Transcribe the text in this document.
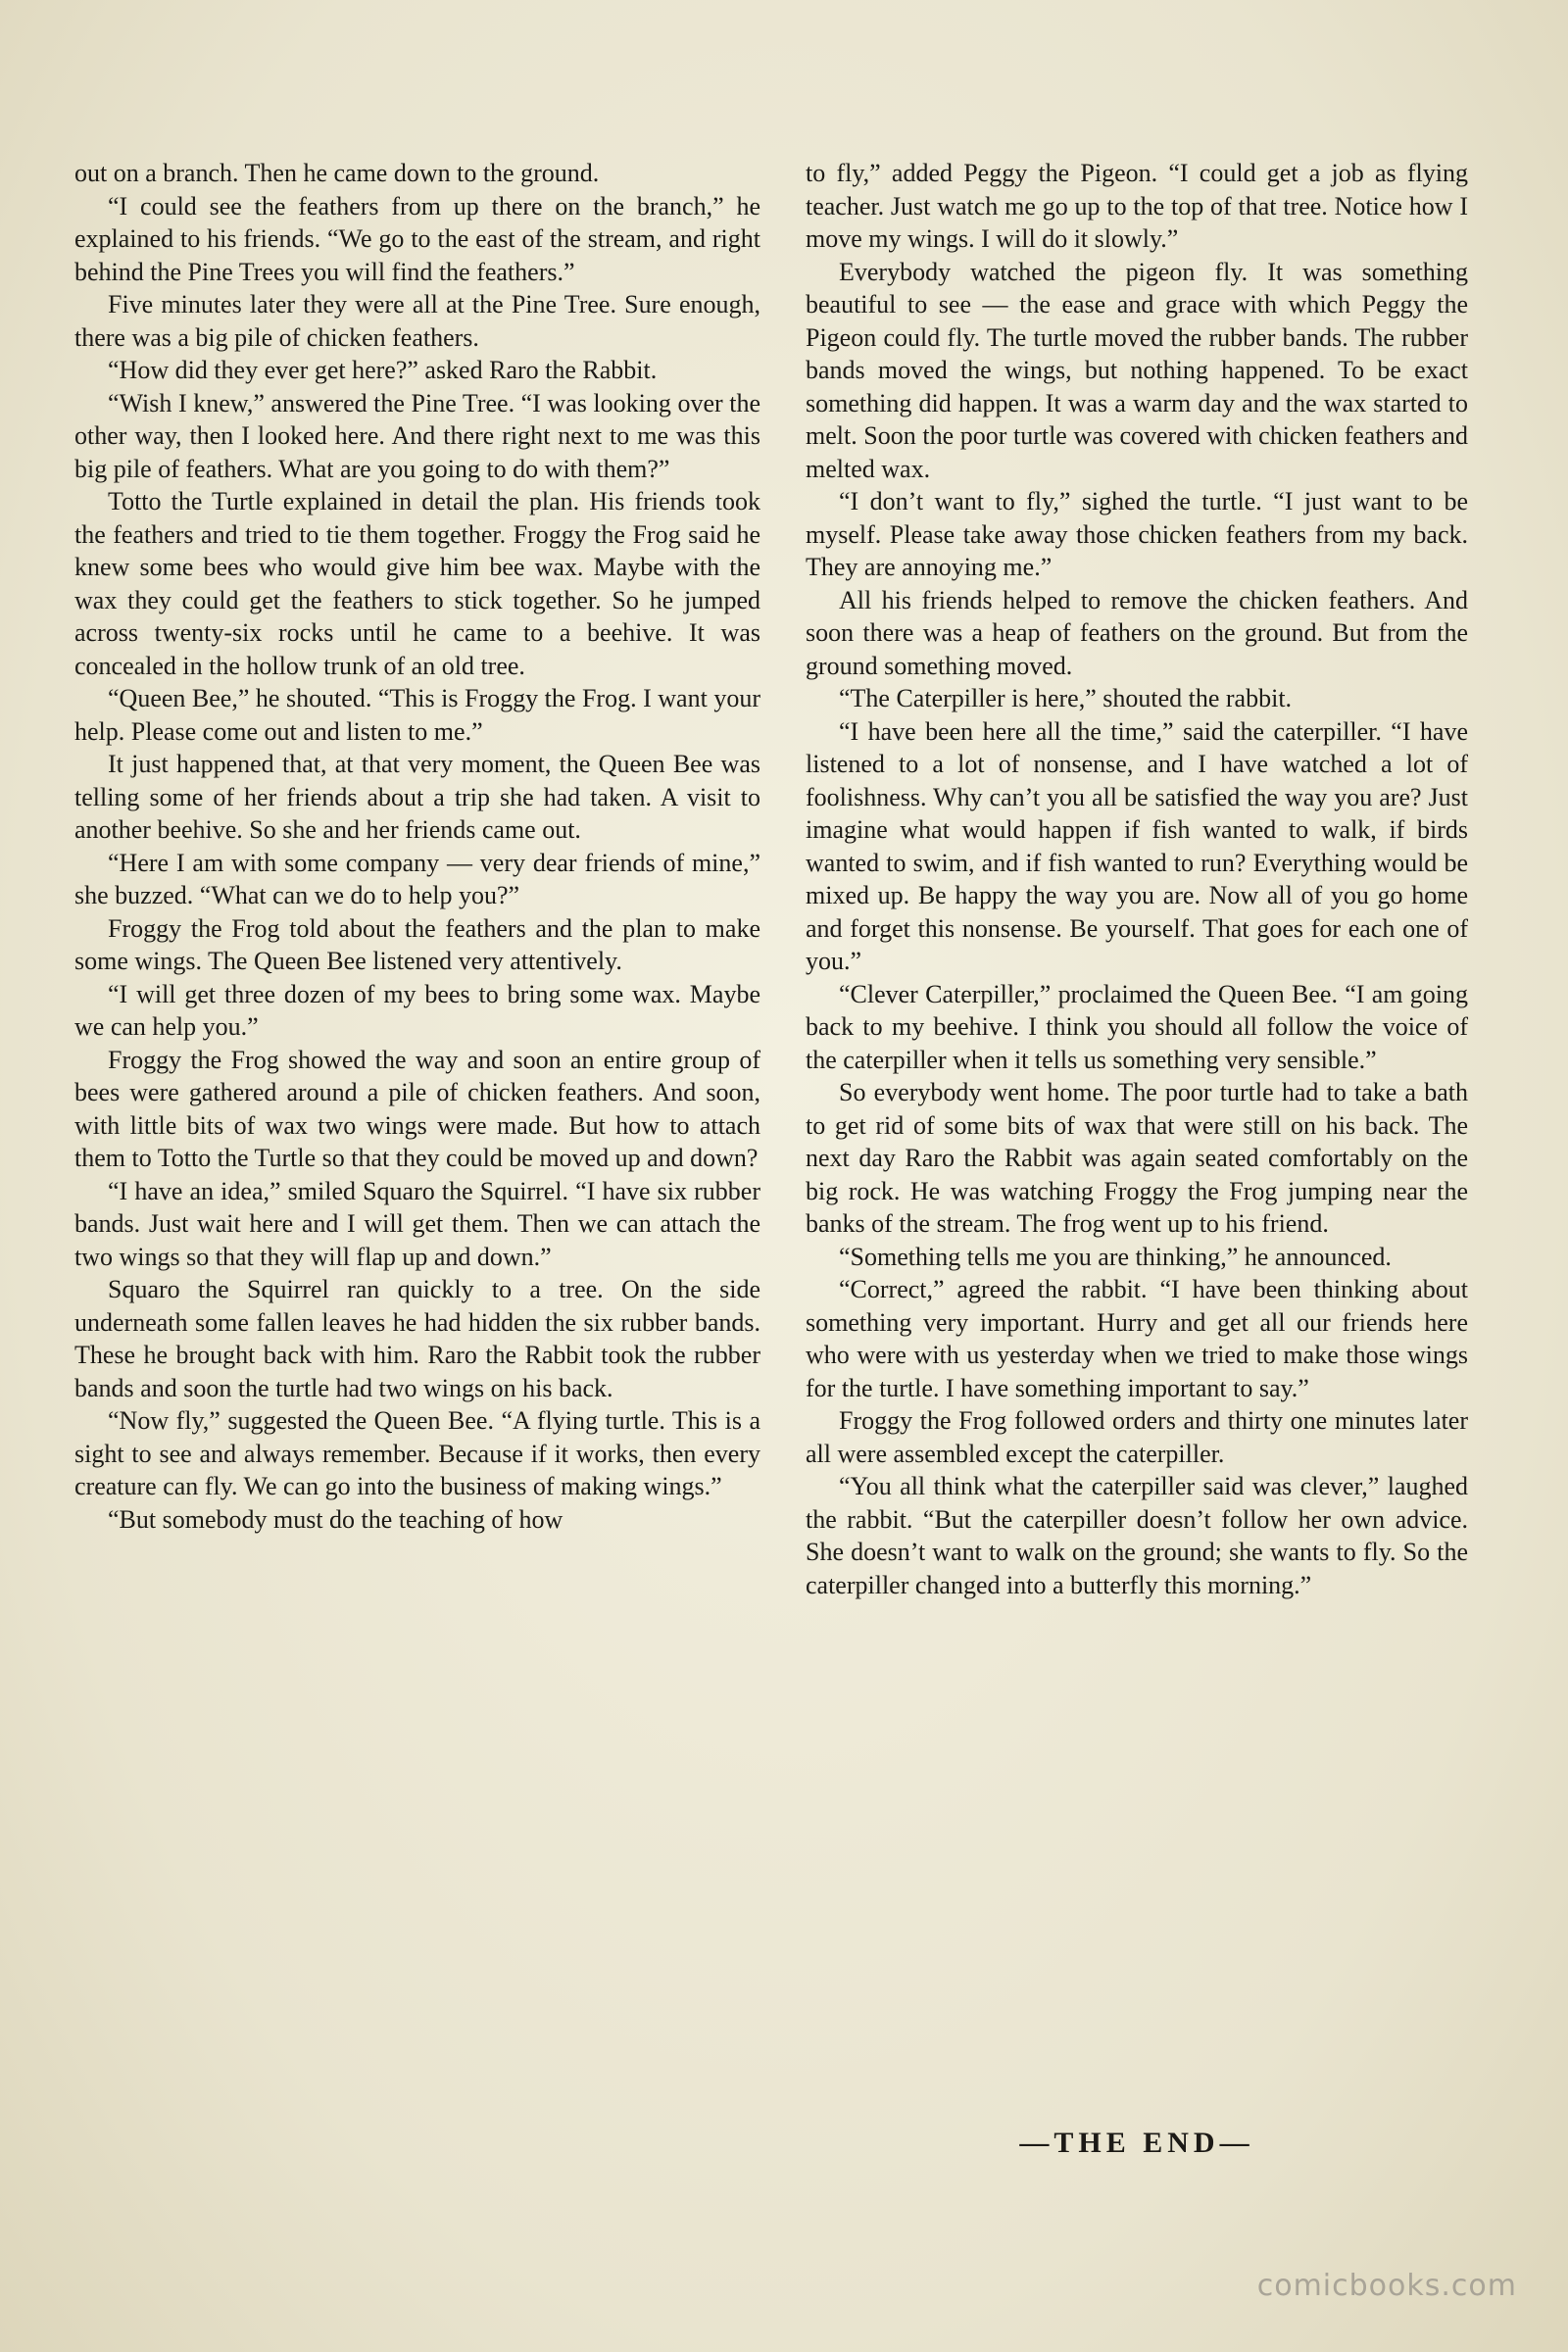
out on a branch. Then he came down to the ground.

“I could see the feathers from up there on the branch,” he explained to his friends. “We go to the east of the stream, and right behind the Pine Trees you will find the feathers.”

Five minutes later they were all at the Pine Tree. Sure enough, there was a big pile of chicken feathers.

“How did they ever get here?” asked Raro the Rabbit.

“Wish I knew,” answered the Pine Tree. “I was looking over the other way, then I looked here. And there right next to me was this big pile of feathers. What are you going to do with them?”

Totto the Turtle explained in detail the plan. His friends took the feathers and tried to tie them together. Froggy the Frog said he knew some bees who would give him bee wax. Maybe with the wax they could get the feathers to stick together. So he jumped across twenty-six rocks until he came to a beehive. It was concealed in the hollow trunk of an old tree.

“Queen Bee,” he shouted. “This is Froggy the Frog. I want your help. Please come out and listen to me.”

It just happened that, at that very moment, the Queen Bee was telling some of her friends about a trip she had taken. A visit to another beehive. So she and her friends came out.

“Here I am with some company — very dear friends of mine,” she buzzed. “What can we do to help you?”

Froggy the Frog told about the feathers and the plan to make some wings. The Queen Bee listened very attentively.

“I will get three dozen of my bees to bring some wax. Maybe we can help you.”

Froggy the Frog showed the way and soon an entire group of bees were gathered around a pile of chicken feathers. And soon, with little bits of wax two wings were made. But how to attach them to Totto the Turtle so that they could be moved up and down?

“I have an idea,” smiled Squaro the Squirrel. “I have six rubber bands. Just wait here and I will get them. Then we can attach the two wings so that they will flap up and down.”

Squaro the Squirrel ran quickly to a tree. On the side underneath some fallen leaves he had hidden the six rubber bands. These he brought back with him. Raro the Rabbit took the rubber bands and soon the turtle had two wings on his back.

“Now fly,” suggested the Queen Bee. “A flying turtle. This is a sight to see and always remember. Because if it works, then every creature can fly. We can go into the business of making wings.”

“But somebody must do the teaching of how

to fly,” added Peggy the Pigeon. “I could get a job as flying teacher. Just watch me go up to the top of that tree. Notice how I move my wings. I will do it slowly.”

Everybody watched the pigeon fly. It was something beautiful to see — the ease and grace with which Peggy the Pigeon could fly. The turtle moved the rubber bands. The rubber bands moved the wings, but nothing happened. To be exact something did happen. It was a warm day and the wax started to melt. Soon the poor turtle was covered with chicken feathers and melted wax.

“I don’t want to fly,” sighed the turtle. “I just want to be myself. Please take away those chicken feathers from my back. They are annoying me.”

All his friends helped to remove the chicken feathers. And soon there was a heap of feathers on the ground. But from the ground something moved.

“The Caterpiller is here,” shouted the rabbit.

“I have been here all the time,” said the caterpiller. “I have listened to a lot of nonsense, and I have watched a lot of foolishness. Why can’t you all be satisfied the way you are? Just imagine what would happen if fish wanted to walk, if birds wanted to swim, and if fish wanted to run? Everything would be mixed up. Be happy the way you are. Now all of you go home and forget this nonsense. Be yourself. That goes for each one of you.”

“Clever Caterpiller,” proclaimed the Queen Bee. “I am going back to my beehive. I think you should all follow the voice of the caterpiller when it tells us something very sensible.”

So everybody went home. The poor turtle had to take a bath to get rid of some bits of wax that were still on his back. The next day Raro the Rabbit was again seated comfortably on the big rock. He was watching Froggy the Frog jumping near the banks of the stream. The frog went up to his friend.

“Something tells me you are thinking,” he announced.

“Correct,” agreed the rabbit. “I have been thinking about something very important. Hurry and get all our friends here who were with us yesterday when we tried to make those wings for the turtle. I have something important to say.”

Froggy the Frog followed orders and thirty one minutes later all were assembled except the caterpiller.

“You all think what the caterpiller said was clever,” laughed the rabbit. “But the caterpiller doesn’t follow her own advice. She doesn’t want to walk on the ground; she wants to fly. So the caterpiller changed into a butterfly this morning.”

—THE END—
comicbooks.com
